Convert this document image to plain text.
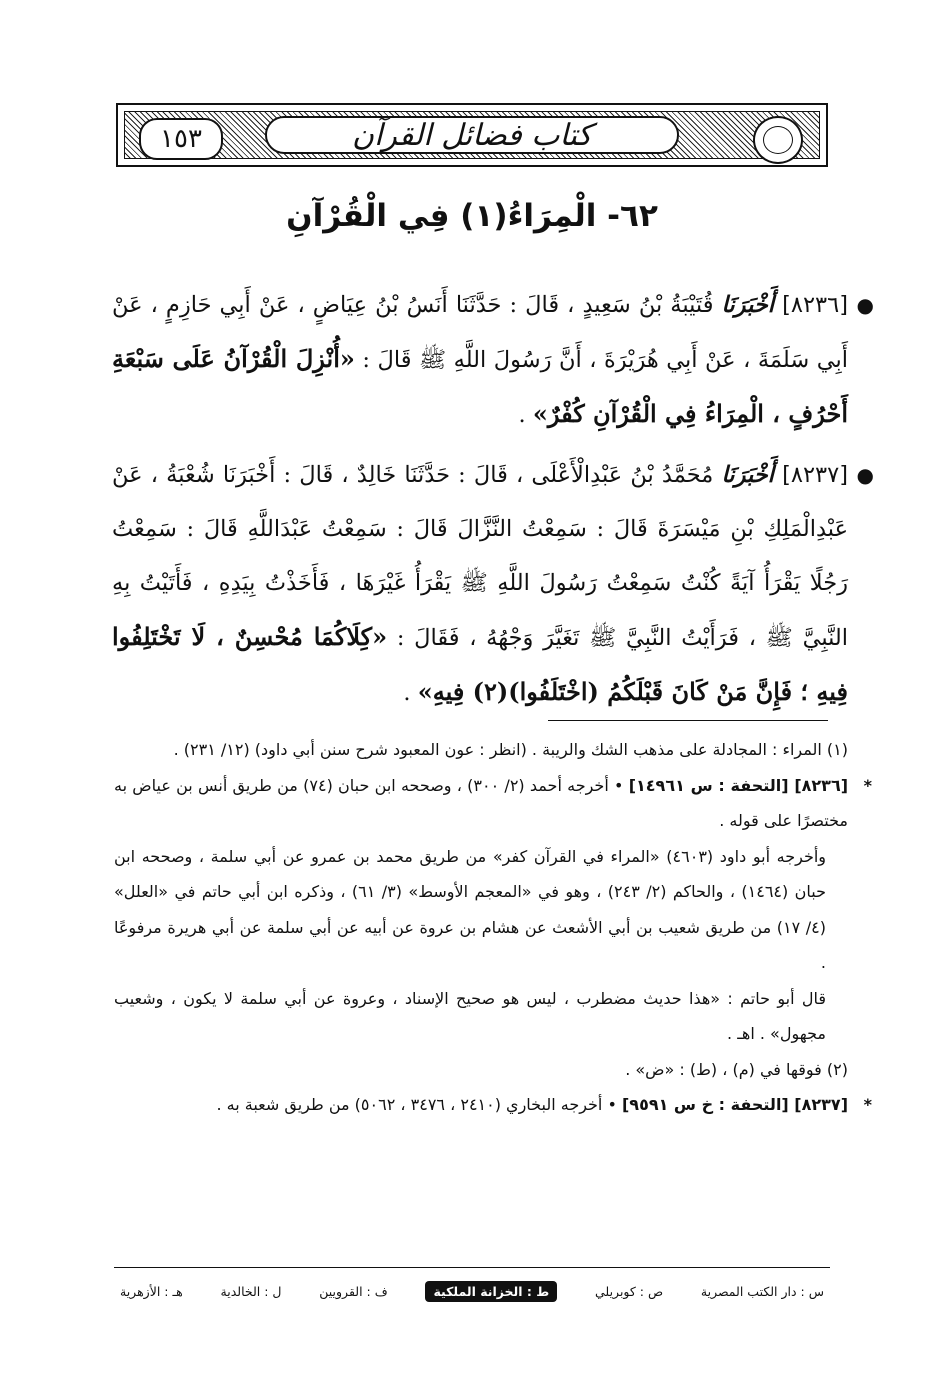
كتاب فضائل القرآن
١٥٣
٦٢- الْمِرَاءُ(١) فِي الْقُرْآنِ
●
[٨٢٣٦] أَخْبَرَنَا قُتَيْبَةُ بْنُ سَعِيدٍ ، قَالَ : حَدَّثَنَا أَنَسُ بْنُ عِيَاضٍ ، عَنْ أَبِي حَازِمٍ ، عَنْ أَبِي سَلَمَةَ ، عَنْ أَبِي هُرَيْرَةَ ، أَنَّ رَسُولَ اللَّهِ ﷺ قَالَ : «أُنْزِلَ الْقُرْآنُ عَلَى سَبْعَةِ أَحْرُفٍ ، الْمِرَاءُ فِي الْقُرْآنِ كُفْرٌ» .
●
[٨٢٣٧] أَخْبَرَنَا مُحَمَّدُ بْنُ عَبْدِالْأَعْلَى ، قَالَ : حَدَّثَنَا خَالِدٌ ، قَالَ : أَخْبَرَنَا شُعْبَةُ ، عَنْ عَبْدِالْمَلِكِ بْنِ مَيْسَرَةَ قَالَ : سَمِعْتُ النَّزَّالَ قَالَ : سَمِعْتُ عَبْدَاللَّهِ قَالَ : سَمِعْتُ رَجُلًا يَقْرَأُ آيَةً كُنْتُ سَمِعْتُ رَسُولَ اللَّهِ ﷺ يَقْرَأُ غَيْرَهَا ، فَأَخَذْتُ بِيَدِهِ ، فَأَتَيْتُ بِهِ النَّبِيَّ ﷺ ، فَرَأَيْتُ النَّبِيَّ ﷺ تَغَيَّرَ وَجْهُهُ ، فَقَالَ : «كِلَاكُمَا مُحْسِنٌ ، لَا تَخْتَلِفُوا فِيهِ ؛ فَإِنَّ مَنْ كَانَ قَبْلَكُمُ (اخْتَلَفُوا)(٢) فِيهِ» .

(١) المراء : المجادلة على مذهب الشك والريبة . (انظر : عون المعبود شرح سنن أبي داود) (١٢/ ٢٣١) .

*
[٨٢٣٦] [التحفة : س ١٤٩٦١] • أخرجه أحمد (٢/ ٣٠٠) ، وصححه ابن حبان (٧٤) من طريق أنس بن عياض به مختصرًا على قوله .

وأخرجه أبو داود (٤٦٠٣) «المراء في القرآن كفر» من طريق محمد بن عمرو عن أبي سلمة ، وصححه ابن حبان (١٤٦٤) ، والحاكم (٢/ ٢٤٣) ، وهو في «المعجم الأوسط» (٣/ ٦١) ، وذكره ابن أبي حاتم في «العلل» (٤/ ١٧) من طريق شعيب بن أبي الأشعث عن هشام بن عروة عن أبيه عن أبي سلمة عن أبي هريرة مرفوعًا .

قال أبو حاتم : «هذا حديث مضطرب ، ليس هو صحيح الإسناد ، وعروة عن أبي سلمة لا يكون ، وشعيب مجهول» . اهـ .

(٢) فوقها في (م) ، (ط) : «ض» .

*
[٨٢٣٧] [التحفة : خ س ٩٥٩١] • أخرجه البخاري (٢٤١٠ ، ٣٤٧٦ ، ٥٠٦٢) من طريق شعبة به .

س : دار الكتب المصرية
ص : كوبريلي
ط : الخزانة الملكية
ف : القرويين
ل : الخالدية
هـ : الأزهرية
